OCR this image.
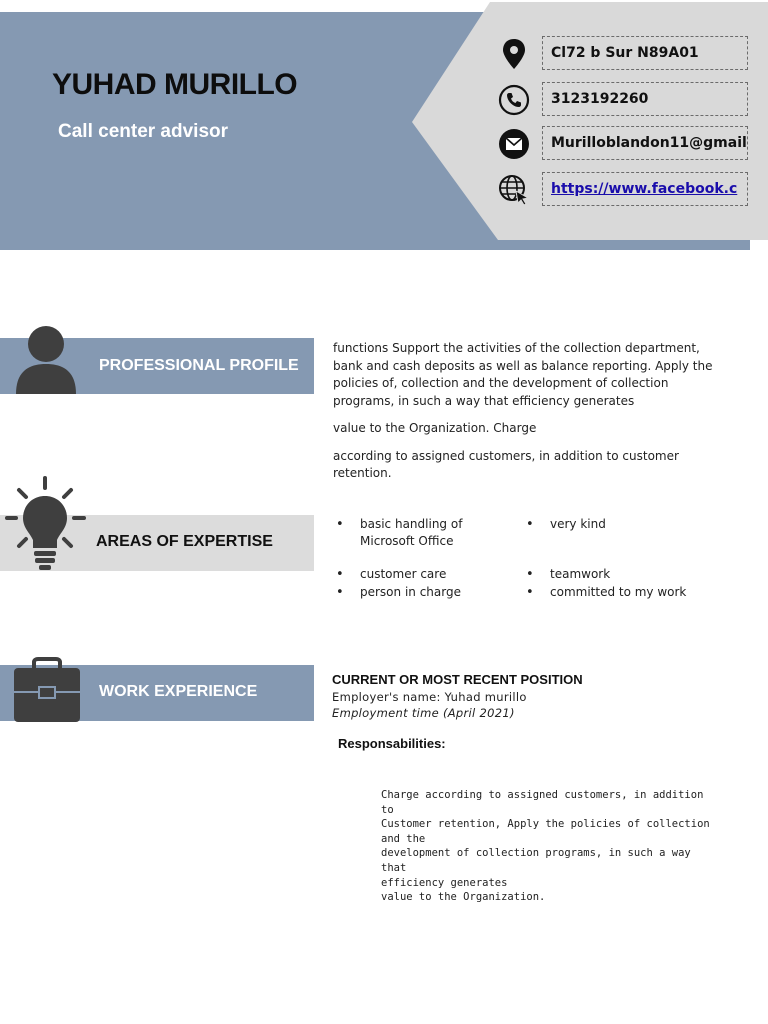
YUHAD MURILLO
Call center advisor
Cl72 b Sur N89A01
3123192260
Murilloblandon11@gmail
https://www.facebook.c
PROFESSIONAL PROFILE

functions Support the activities of the collection department, bank and cash deposits as well as balance reporting. Apply the policies of, collection and the development of collection programs, in such a way that efficiency generates

value to the Organization. Charge

according to assigned customers, in addition to customer retention.

AREAS OF EXPERTISE
• basic handling of Microsoft Office
• customer care
• person in charge
• very kind
• teamwork
• committed to my work
WORK EXPERIENCE
CURRENT OR MOST RECENT POSITION
Employer's name: Yuhad murillo
Employment time (April 2021)
Responsabilities:
Charge according to assigned customers, in addition to
Customer retention, Apply the policies of collection and the
development of collection programs, in such a way that
efficiency generates
value to the Organization.
